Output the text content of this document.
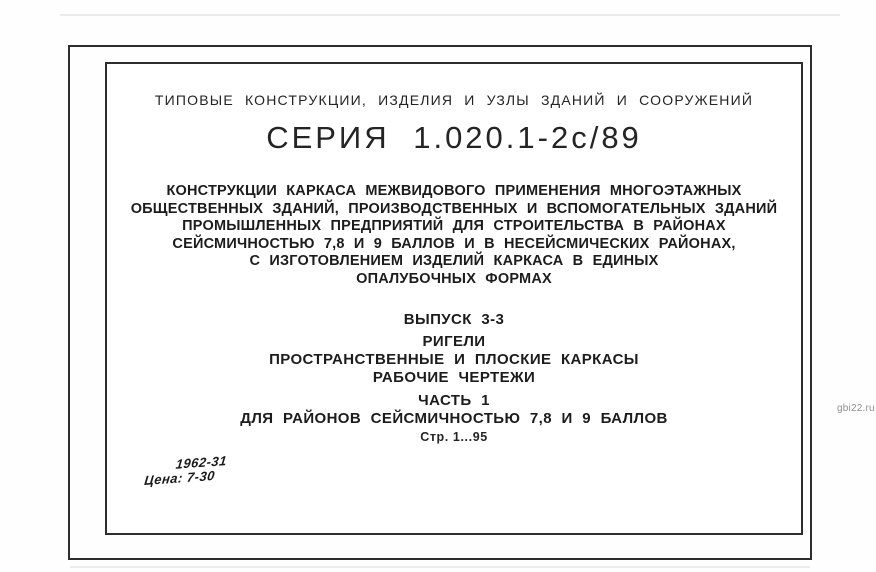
ТИПОВЫЕ КОНСТРУКЦИИ, ИЗДЕЛИЯ И УЗЛЫ ЗДАНИЙ И СООРУЖЕНИЙ
СЕРИЯ 1.020.1-2с/89
КОНСТРУКЦИИ КАРКАСА МЕЖВИДОВОГО ПРИМЕНЕНИЯ МНОГОЭТАЖНЫХ
ОБЩЕСТВЕННЫХ ЗДАНИЙ, ПРОИЗВОДСТВЕННЫХ И ВСПОМОГАТЕЛЬНЫХ ЗДАНИЙ
ПРОМЫШЛЕННЫХ ПРЕДПРИЯТИЙ ДЛЯ СТРОИТЕЛЬСТВА В РАЙОНАХ
СЕЙСМИЧНОСТЬЮ 7,8 И 9 БАЛЛОВ И В НЕСЕЙСМИЧЕСКИХ РАЙОНАХ,
С ИЗГОТОВЛЕНИЕМ ИЗДЕЛИЙ КАРКАСА В ЕДИНЫХ
ОПАЛУБОЧНЫХ ФОРМАХ
ВЫПУСК 3-3
РИГЕЛИ
ПРОСТРАНСТВЕННЫЕ И ПЛОСКИЕ КАРКАСЫ
РАБОЧИЕ ЧЕРТЕЖИ
ЧАСТЬ 1
ДЛЯ РАЙОНОВ СЕЙСМИЧНОСТЬЮ 7,8 И 9 БАЛЛОВ
Стр. 1...95
1962-31
Цена: 7-30
gbi22.ru
